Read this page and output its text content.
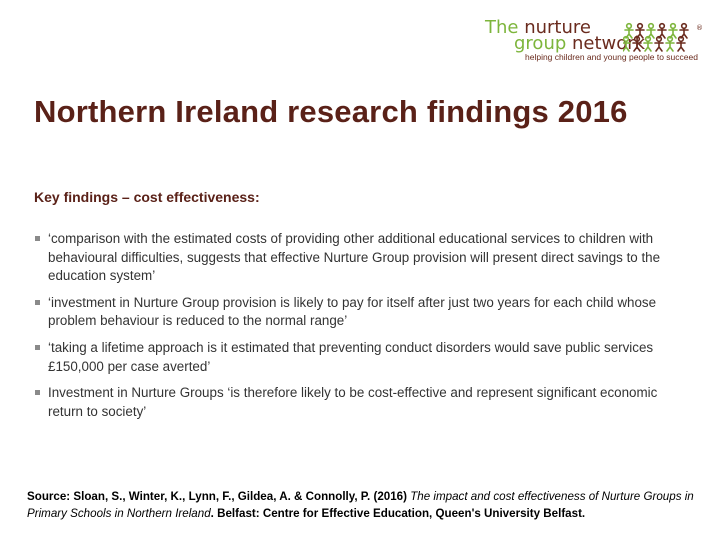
The nurture
group network
®
helping children and young people to succeed
Northern Ireland research findings 2016
Key findings – cost effectiveness:
‘comparison with the estimated costs of providing other additional educational services to children with behavioural difficulties, suggests that effective Nurture Group provision will present direct savings to the education system’
‘investment in Nurture Group provision is likely to pay for itself after just two years for each child whose problem behaviour is reduced to the normal range’
‘taking a lifetime approach is it estimated that preventing conduct disorders would save public services £150,000 per case averted’
Investment in Nurture Groups ‘is therefore likely to be cost-effective and represent significant economic return to society’
Source: Sloan, S., Winter, K., Lynn, F., Gildea, A. & Connolly, P. (2016) The impact and cost effectiveness of Nurture Groups in Primary Schools in Northern Ireland. Belfast: Centre for Effective Education, Queen's University Belfast.
